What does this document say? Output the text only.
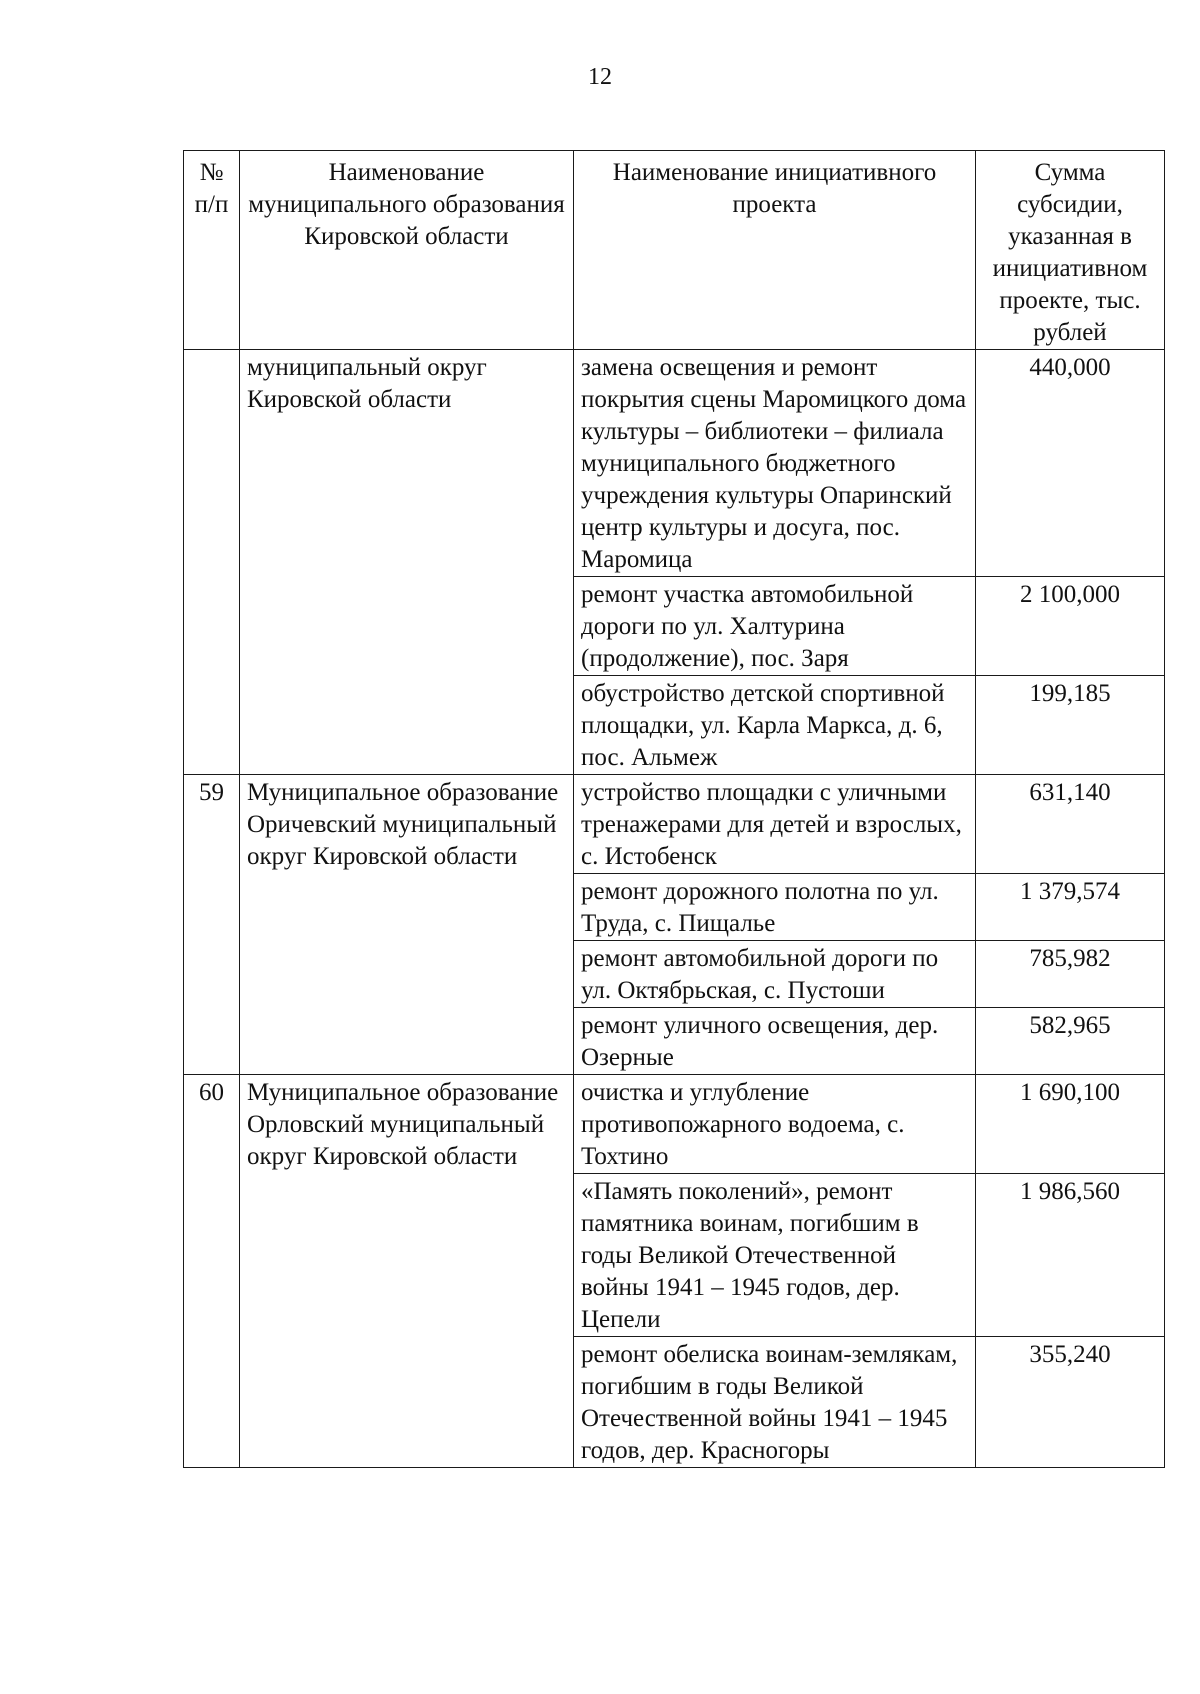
12
№ п/п	Наименование муниципального образования Кировской области	Наименование инициативного проекта	Сумма субсидии, указанная в инициативном проекте, тыс. рублей
	муниципальный округ Кировской области	замена освещения и ремонт покрытия сцены Маромицкого дома культуры – библиотеки – филиала муниципального бюджетного учреждения культуры Опаринский центр культуры и досуга, пос. Маромица	440,000
		ремонт участка автомобильной дороги по ул. Халтурина (продолжение), пос. Заря	2 100,000
		обустройство детской спортивной площадки, ул. Карла Маркса, д. 6, пос. Альмеж	199,185
59	Муниципальное образование Оричевский муниципальный округ Кировской области	устройство площадки с уличными тренажерами для детей и взрослых, с. Истобенск	631,140
		ремонт дорожного полотна по ул. Труда, с. Пищалье	1 379,574
		ремонт автомобильной дороги по ул. Октябрьская, с. Пустоши	785,982
		ремонт уличного освещения, дер. Озерные	582,965
60	Муниципальное образование Орловский муниципальный округ Кировской области	очистка и углубление противопожарного водоема, с. Тохтино	1 690,100
		«Память поколений», ремонт памятника воинам, погибшим в годы Великой Отечественной войны 1941 – 1945 годов, дер. Цепели	1 986,560
		ремонт обелиска воинам-землякам, погибшим в годы Великой Отечественной войны 1941 – 1945 годов, дер. Красногоры	355,240
